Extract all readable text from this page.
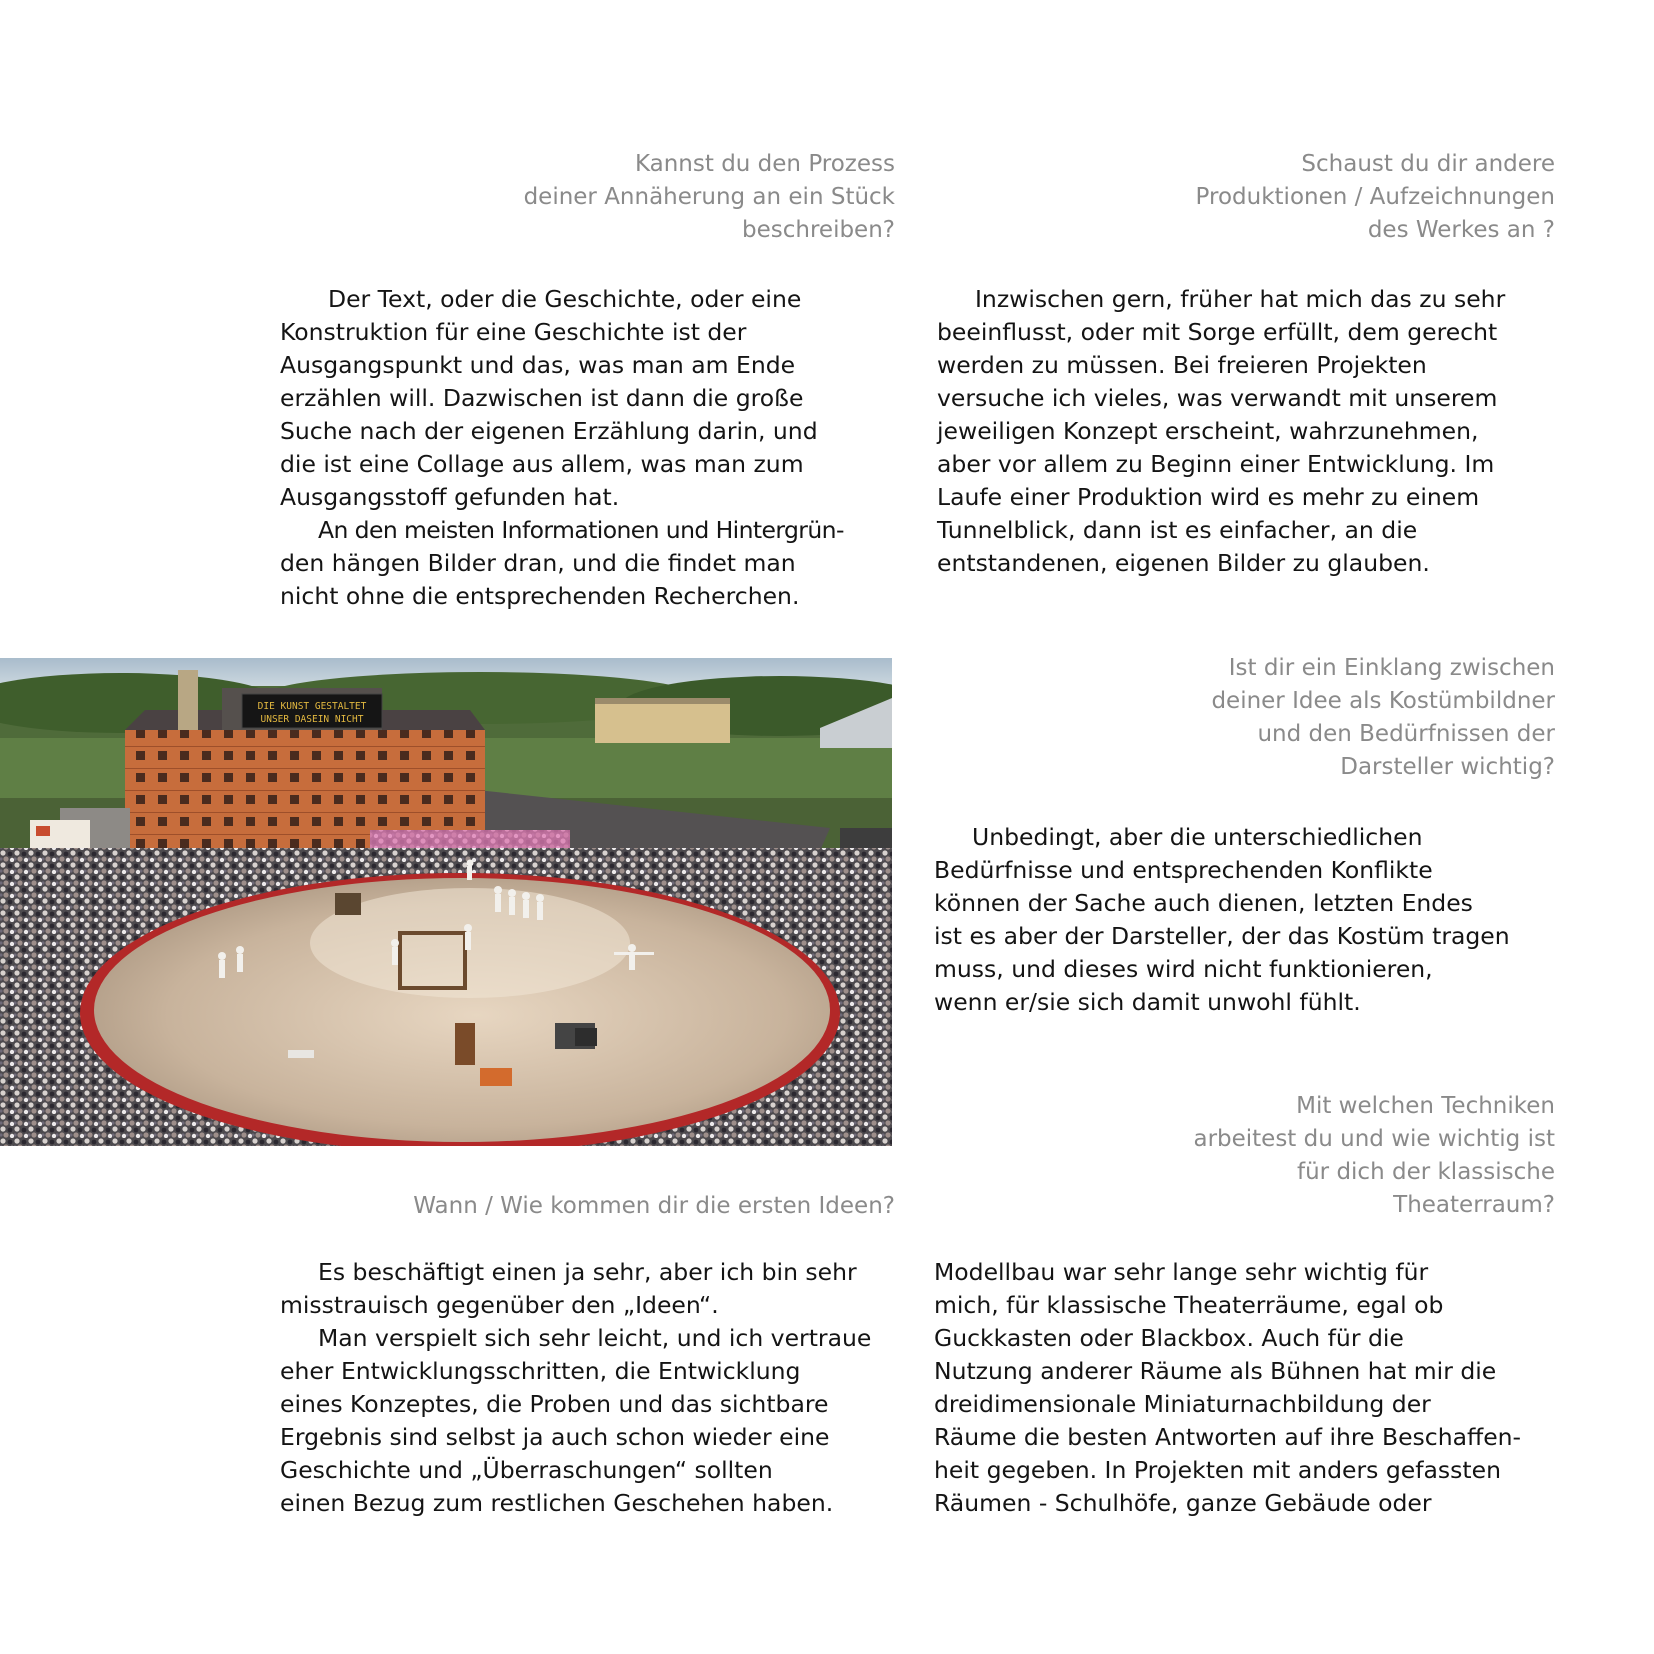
Kannst du den Prozess
deiner Annäherung an ein Stück
beschreiben?
Der Text, oder die Geschichte, oder eine
Konstruktion für eine Geschichte ist der
Ausgangspunkt und das, was man am Ende
erzählen will. Dazwischen ist dann die große
Suche nach der eigenen Erzählung darin, und
die ist eine Collage aus allem, was man zum
Ausgangsstoff gefunden hat.
An den meisten Informationen und Hintergrün-
den hängen Bilder dran, und die findet man
nicht ohne die entsprechenden Recherchen.
Schaust du dir andere
Produktionen / Aufzeichnungen
des Werkes an ?
Inzwischen gern, früher hat mich das zu sehr
beeinflusst, oder mit Sorge erfüllt, dem gerecht
werden zu müssen. Bei freieren Projekten
versuche ich vieles, was verwandt mit unserem
jeweiligen Konzept erscheint, wahrzunehmen,
aber vor allem zu Beginn einer Entwicklung. Im
Laufe einer Produktion wird es mehr zu einem
Tunnelblick, dann ist es einfacher, an die
entstandenen, eigenen Bilder zu glauben.
DIE KUNST GESTALTET
UNSER DASEIN NICHT
Ist dir ein Einklang zwischen
deiner Idee als Kostümbildner
und den Bedürfnissen der
Darsteller wichtig?
Unbedingt, aber die unterschiedlichen
Bedürfnisse und entsprechenden Konflikte
können der Sache auch dienen, letzten Endes
ist es aber der Darsteller, der das Kostüm tragen
muss, und dieses wird nicht funktionieren,
wenn er/sie sich damit unwohl fühlt.
Mit welchen Techniken
arbeitest du und wie wichtig ist
für dich der klassische
Theaterraum?
Wann / Wie kommen dir die ersten Ideen?
Es beschäftigt einen ja sehr, aber ich bin sehr
misstrauisch gegenüber den „Ideen“.
Man verspielt sich sehr leicht, und ich vertraue
eher Entwicklungsschritten, die Entwicklung
eines Konzeptes, die Proben und das sichtbare
Ergebnis sind selbst ja auch schon wieder eine
Geschichte und „Überraschungen“ sollten
einen Bezug zum restlichen Geschehen haben.
Modellbau war sehr lange sehr wichtig für
mich, für klassische Theaterräume, egal ob
Guckkasten oder Blackbox. Auch für die
Nutzung anderer Räume als Bühnen hat mir die
dreidimensionale Miniaturnachbildung der
Räume die besten Antworten auf ihre Beschaffen-
heit gegeben. In Projekten mit anders gefassten
Räumen - Schulhöfe, ganze Gebäude oder
